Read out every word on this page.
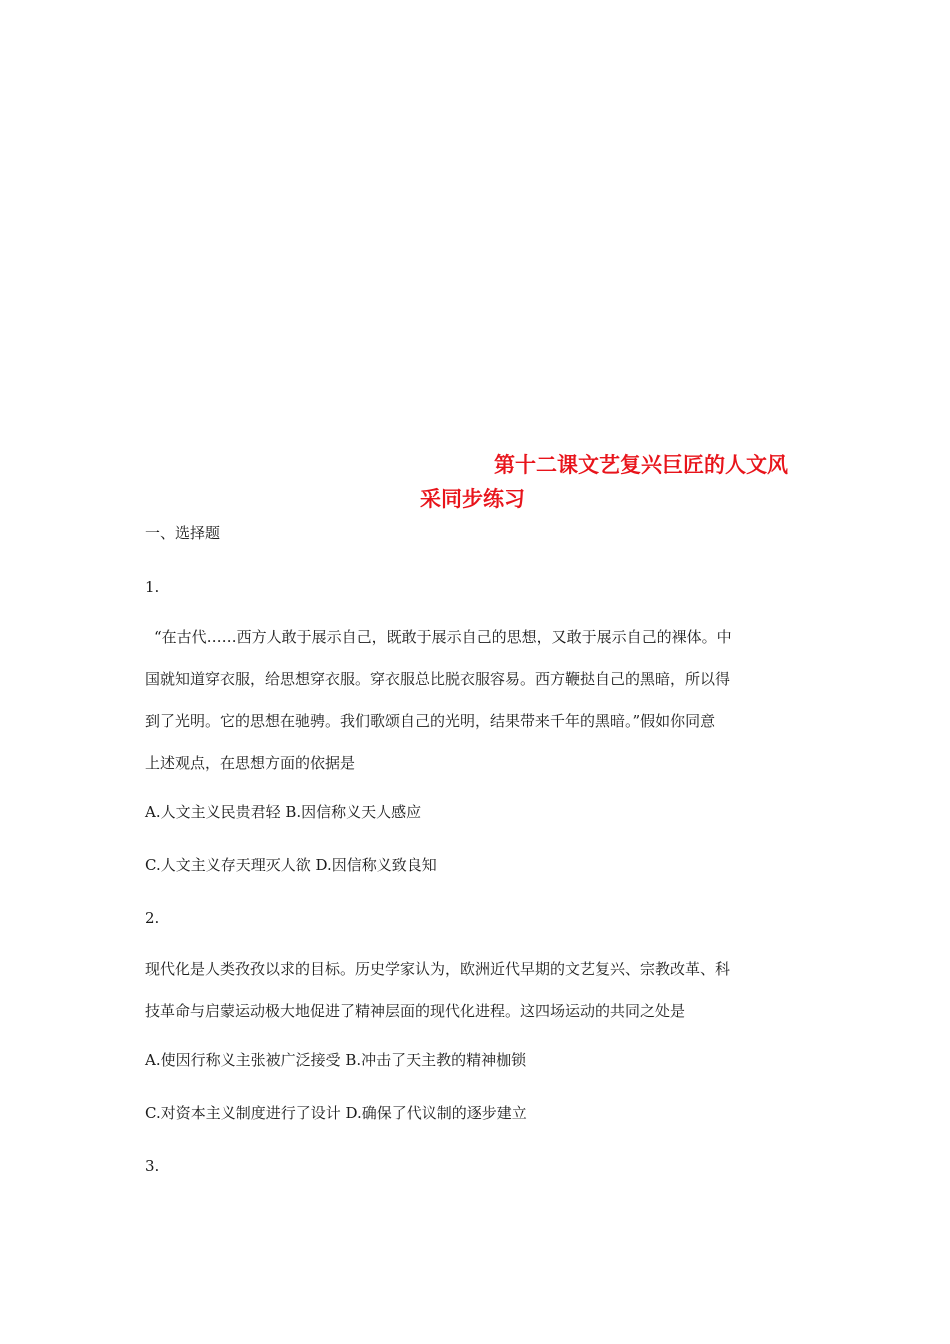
第十二课文艺复兴巨匠的人文风
采同步练习
一、选择题
1.

“在古代……西方人敢于展示自己，既敢于展示自己的思想，又敢于展示自己的裸体。中

国就知道穿衣服，给思想穿衣服。穿衣服总比脱衣服容易。西方鞭挞自己的黑暗，所以得

到了光明。它的思想在驰骋。我们歌颂自己的光明，结果带来千年的黑暗。”假如你同意

上述观点，在思想方面的依据是

A.人文主义民贵君轻 B.因信称义天人感应
C.人文主义存天理灭人欲 D.因信称义致良知
2.

现代化是人类孜孜以求的目标。历史学家认为，欧洲近代早期的文艺复兴、宗教改革、科

技革命与启蒙运动极大地促进了精神层面的现代化进程。这四场运动的共同之处是

A.使因行称义主张被广泛接受 B.冲击了天主教的精神枷锁
C.对资本主义制度进行了设计 D.确保了代议制的逐步建立
3.
